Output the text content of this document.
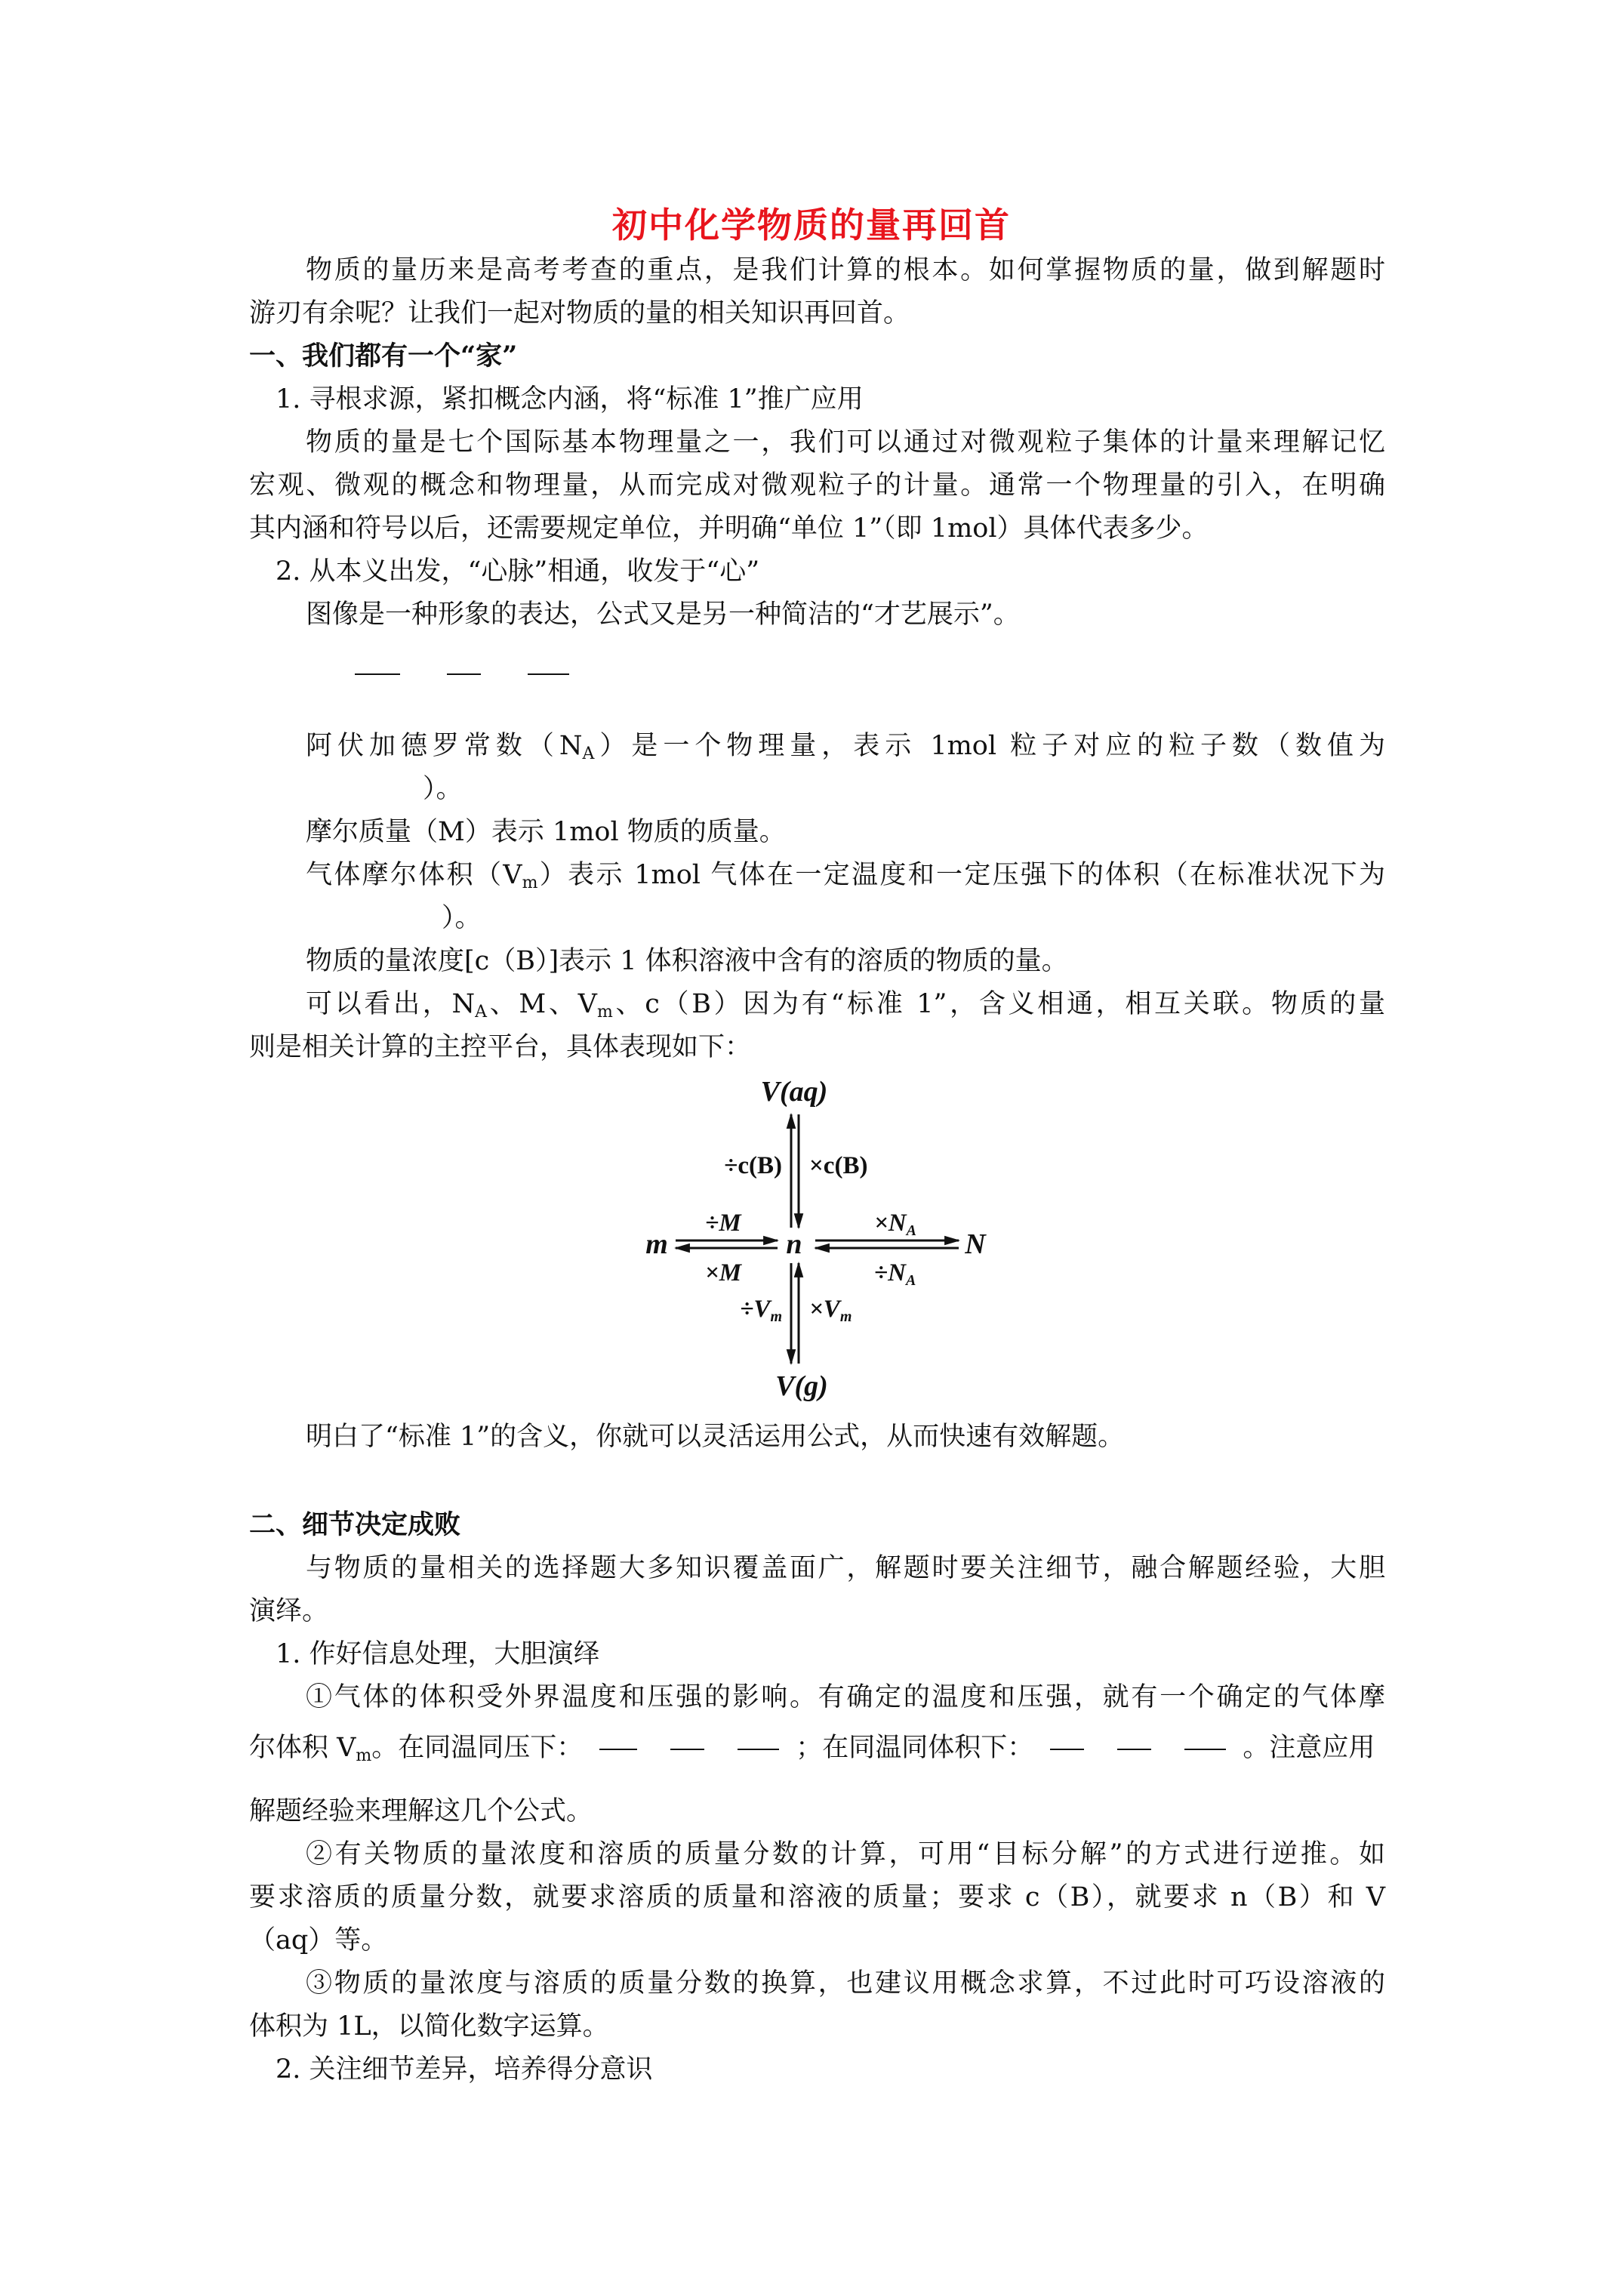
初中化学物质的量再回首
物质的量历来是高考考查的重点，是我们计算的根本。如何掌握物质的量，做到解题时
游刃有余呢？让我们一起对物质的量的相关知识再回首。
一、我们都有一个“家”
1. 寻根求源，紧扣概念内涵，将“标准 1”推广应用
物质的量是七个国际基本物理量之一，我们可以通过对微观粒子集体的计量来理解记忆
宏观、微观的概念和物理量，从而完成对微观粒子的计量。通常一个物理量的引入，在明确
其内涵和符号以后，还需要规定单位，并明确“单位 1”（即 1mol）具体代表多少。
2. 从本义出发，“心脉”相通，收发于“心”
图像是一种形象的表达，公式又是另一种简洁的“才艺展示”。
阿伏加德罗常数$(N_A)$是一个物理量，表示 1mol 粒子对应的粒子数（数值为
）。
摩尔质量（M）表示 1mol 物质的质量。
气体摩尔体积$(V_m)$表示 1mol 气体在一定温度和一定压强下的体积（在标准状况下为
）。
物质的量浓度[c（B）]表示 1 体积溶液中含有的溶质的物质的量。
可以看出，$N_A$、M、$V_m$、c（B）因为有“标准 1”，含义相通，相互关联。物质的量
则是相关计算的主控平台，具体表现如下：
V(aq)
V(g)
m	n	N
÷c(B) ×c(B)
÷M
×M
×NA
÷NA
÷Vm ×Vm
明白了“标准 1”的含义，你就可以灵活运用公式，从而快速有效解题。
二、细节决定成败
与物质的量相关的选择题大多知识覆盖面广，解题时要关注细节，融合解题经验，大胆
演绎。
1. 作好信息处理，大胆演绎
①气体的体积受外界温度和压强的影响。有确定的温度和压强，就有一个确定的气体摩
尔体积 $V_m$。在同温同压下：	；在同温同体积下：	。注意应用
解题经验来理解这几个公式。
②有关物质的量浓度和溶质的质量分数的计算，可用“目标分解”的方式进行逆推。如
要求溶质的质量分数，就要求溶质的质量和溶液的质量；要求 c（B），就要求 n（B）和 V
（aq）等。
③物质的量浓度与溶质的质量分数的换算，也建议用概念求算，不过此时可巧设溶液的
体积为 1L，以简化数字运算。
2. 关注细节差异，培养得分意识
